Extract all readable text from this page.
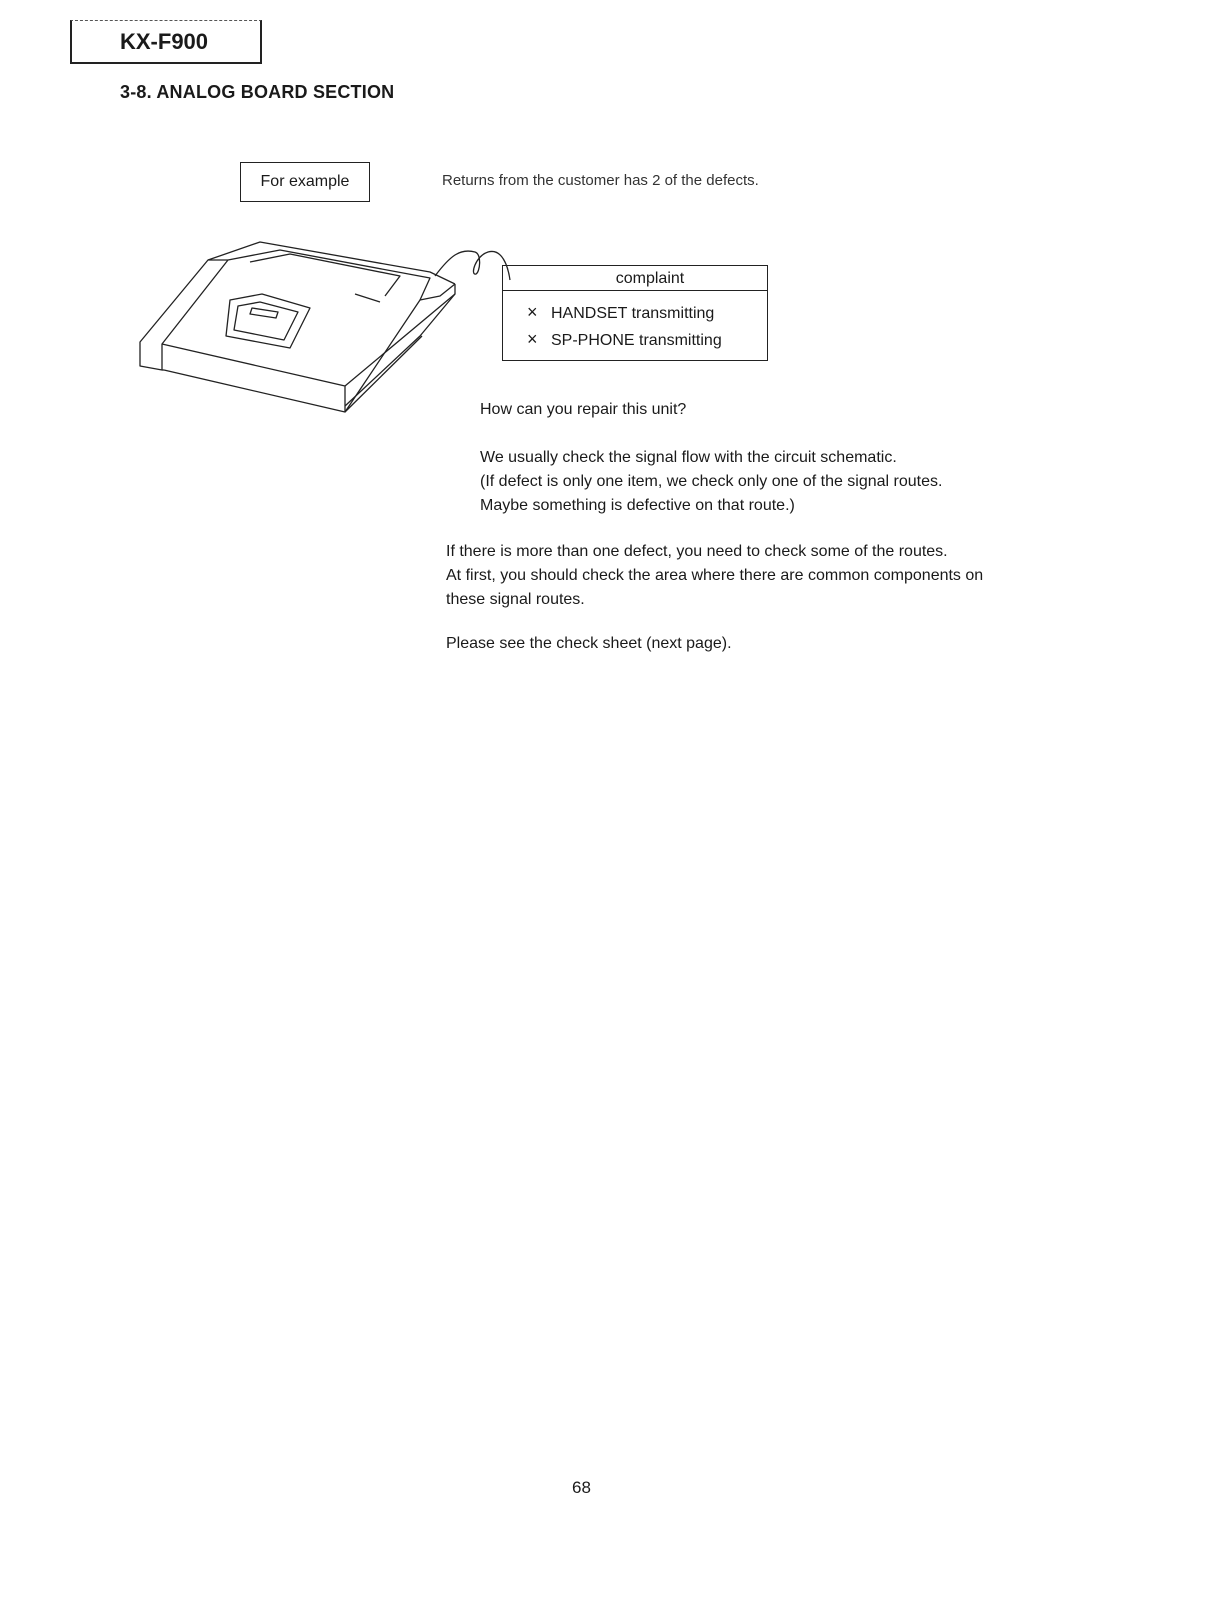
KX-F900
3-8. ANALOG BOARD SECTION
For example	Returns from the customer has 2 of the defects.
complaint
× HANDSET transmitting
× SP-PHONE transmitting
How can you repair this unit?
We usually check the signal flow with the circuit schematic.
(If defect is only one item, we check only one of the signal routes.
Maybe something is defective on that route.)
If there is more than one defect, you need to check some of the routes.
At first, you should check the area where there are common components on
these signal routes.
Please see the check sheet (next page).
68
